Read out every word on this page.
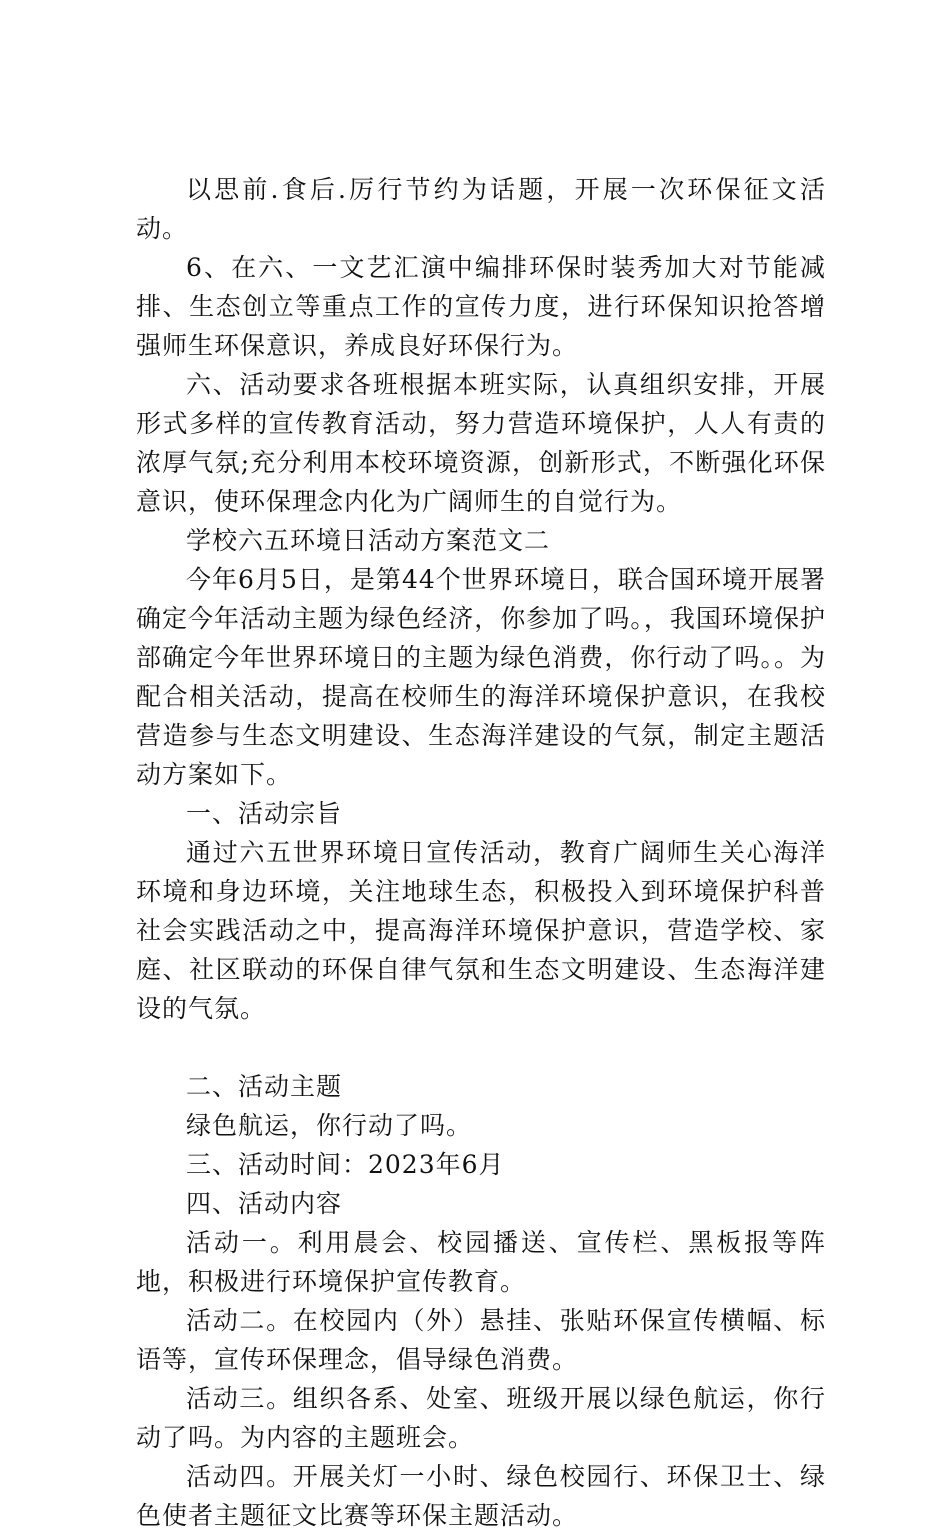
以思前.食后.厉行节约为话题，开展一次环保征文活动。

6、在六、一文艺汇演中编排环保时装秀加大对节能减排、生态创立等重点工作的宣传力度，进行环保知识抢答增强师生环保意识，养成良好环保行为。

六、活动要求各班根据本班实际，认真组织安排，开展形式多样的宣传教育活动，努力营造环境保护，人人有责的浓厚气氛;充分利用本校环境资源，创新形式，不断强化环保意识，使环保理念内化为广阔师生的自觉行为。

学校六五环境日活动方案范文二

今年6月5日，是第44个世界环境日，联合国环境开展署确定今年活动主题为绿色经济，你参加了吗。，我国环境保护部确定今年世界环境日的主题为绿色消费，你行动了吗。。为配合相关活动，提高在校师生的海洋环境保护意识，在我校营造参与生态文明建设、生态海洋建设的气氛，制定主题活动方案如下。

一、活动宗旨

通过六五世界环境日宣传活动，教育广阔师生关心海洋环境和身边环境，关注地球生态，积极投入到环境保护科普社会实践活动之中，提高海洋环境保护意识，营造学校、家庭、社区联动的环保自律气氛和生态文明建设、生态海洋建设的气氛。

二、活动主题

绿色航运，你行动了吗。

三、活动时间：2023年6月

四、活动内容

活动一。利用晨会、校园播送、宣传栏、黑板报等阵地，积极进行环境保护宣传教育。

活动二。在校园内（外）悬挂、张贴环保宣传横幅、标语等，宣传环保理念，倡导绿色消费。

活动三。组织各系、处室、班级开展以绿色航运，你行动了吗。为内容的主题班会。

活动四。开展关灯一小时、绿色校园行、环保卫士、绿色使者主题征文比赛等环保主题活动。
